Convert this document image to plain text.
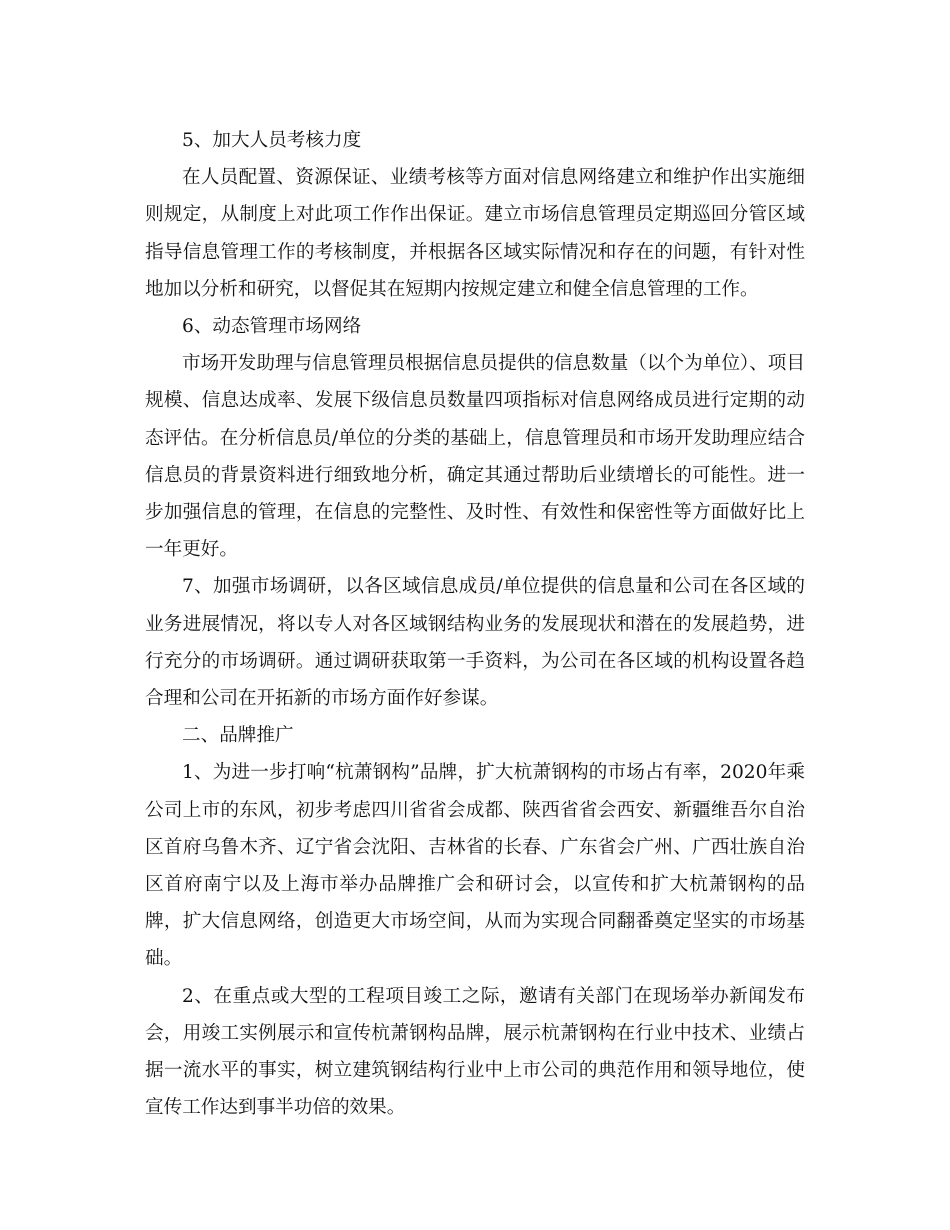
5、加大人员考核力度

在人员配置、资源保证、业绩考核等方面对信息网络建立和维护作出实施细则规定，从制度上对此项工作作出保证。建立市场信息管理员定期巡回分管区域指导信息管理工作的考核制度，并根据各区域实际情况和存在的问题，有针对性地加以分析和研究，以督促其在短期内按规定建立和健全信息管理的工作。

6、动态管理市场网络

市场开发助理与信息管理员根据信息员提供的信息数量（以个为单位）、项目规模、信息达成率、发展下级信息员数量四项指标对信息网络成员进行定期的动态评估。在分析信息员/单位的分类的基础上，信息管理员和市场开发助理应结合信息员的背景资料进行细致地分析，确定其通过帮助后业绩增长的可能性。进一步加强信息的管理，在信息的完整性、及时性、有效性和保密性等方面做好比上一年更好。

7、加强市场调研，以各区域信息成员/单位提供的信息量和公司在各区域的业务进展情况，将以专人对各区域钢结构业务的发展现状和潜在的发展趋势，进行充分的市场调研。通过调研获取第一手资料，为公司在各区域的机构设置各趋合理和公司在开拓新的市场方面作好参谋。

二、品牌推广

1、为进一步打响“杭萧钢构”品牌，扩大杭萧钢构的市场占有率，2020年乘公司上市的东风，初步考虑四川省省会成都、陕西省省会西安、新疆维吾尔自治区首府乌鲁木齐、辽宁省会沈阳、吉林省的长春、广东省会广州、广西壮族自治区首府南宁以及上海市举办品牌推广会和研讨会，以宣传和扩大杭萧钢构的品牌，扩大信息网络，创造更大市场空间，从而为实现合同翻番奠定坚实的市场基础。

2、在重点或大型的工程项目竣工之际，邀请有关部门在现场举办新闻发布会，用竣工实例展示和宣传杭萧钢构品牌，展示杭萧钢构在行业中技术、业绩占据一流水平的事实，树立建筑钢结构行业中上市公司的典范作用和领导地位，使宣传工作达到事半功倍的效果。
